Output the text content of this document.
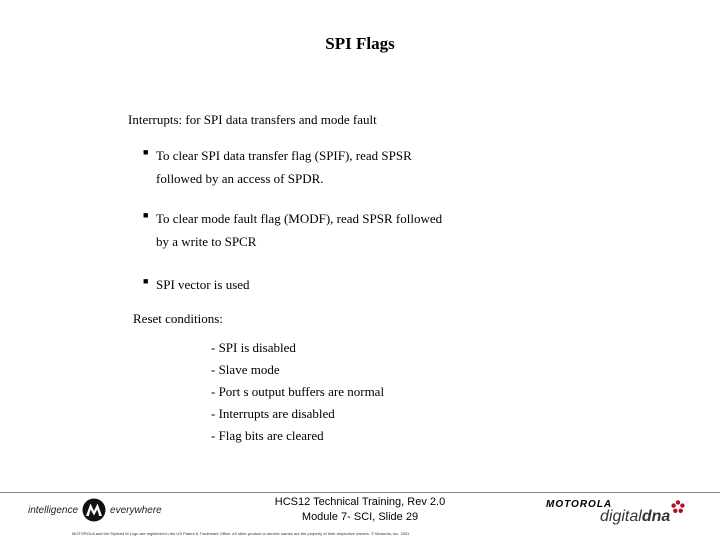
SPI Flags
Interrupts: for SPI data transfers and mode fault
■ To clear SPI data transfer flag (SPIF), read SPSR
followed by an access of SPDR.
■ To clear mode fault flag (MODF), read SPSR followed
by a write to SPCR
■ SPI vector is used
Reset conditions:
- SPI is disabled
- Slave mode
- Port s output buffers are normal
- Interrupts are disabled
- Flag bits are cleared
intelligence	everywhere
HCS12 Technical Training, Rev 2.0
Module 7- SCI, Slide 29
MOTOROLA
digitaldna
MOTOROLA and the Stylized M Logo are registered in the US Patent & Trademark Office. All other product or service names are the property of their respective owners. © Motorola, Inc. 2001
